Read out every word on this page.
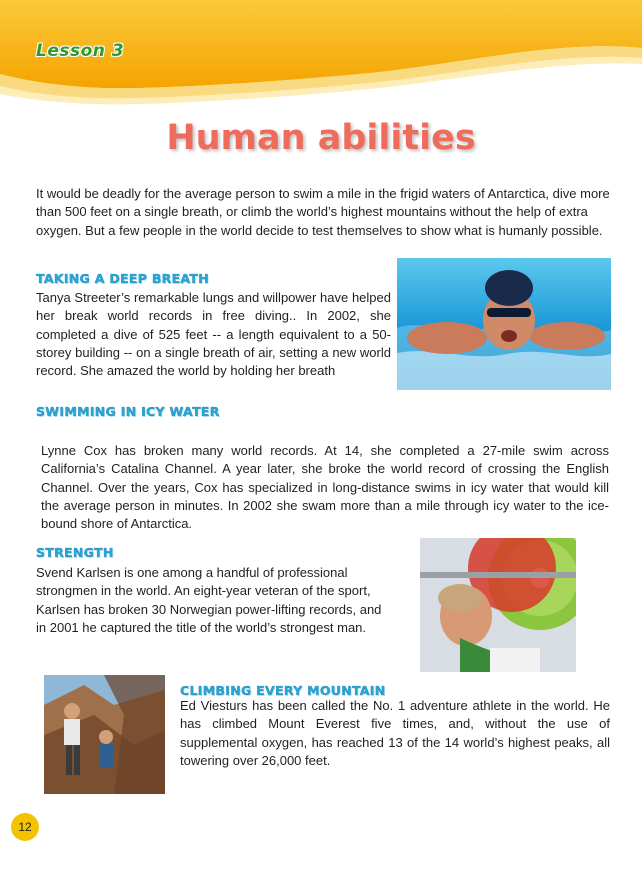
Lesson 3
Human abilities

It would be deadly for the average person to swim a mile in the frigid waters of Antarctica, dive more than 500 feet on a single breath, or climb the world’s highest mountains without the help of extra oxygen. But a few people in the world decide to test themselves to show what is humanly possible.

TAKING A DEEP BREATH

Tanya Streeter’s remarkable lungs and willpower have helped her break world records in free diving.. In 2002, she completed a dive of 525 feet -- a length equivalent to a 50-storey building -- on a single breath of air, setting a new world record. She amazed the world by holding her breath

SWIMMING IN ICY WATER

Lynne Cox has broken many world records. At 14, she completed a 27-mile swim across California’s Catalina Channel. A year later, she broke the world record of crossing the English Channel. Over the years, Cox has specialized in long-distance swims in icy water that would kill the average person in minutes. In 2002 she swam more than a mile through icy water to the ice-bound shore of Antarctica.

STRENGTH

Svend Karlsen is one among a handful of professional strongmen in the world. An eight-year veteran of the sport, Karlsen has broken 30 Norwegian power-lifting records, and in 2001 he captured the title of the world’s strongest man.

CLIMBING EVERY MOUNTAIN

Ed Viesturs has been called the No. 1 adventure athlete in the world. He has climbed Mount Everest five times, and, without the use of supplemental oxygen, has reached 13 of the 14 world’s highest peaks, all towering over 26,000 feet.

12
